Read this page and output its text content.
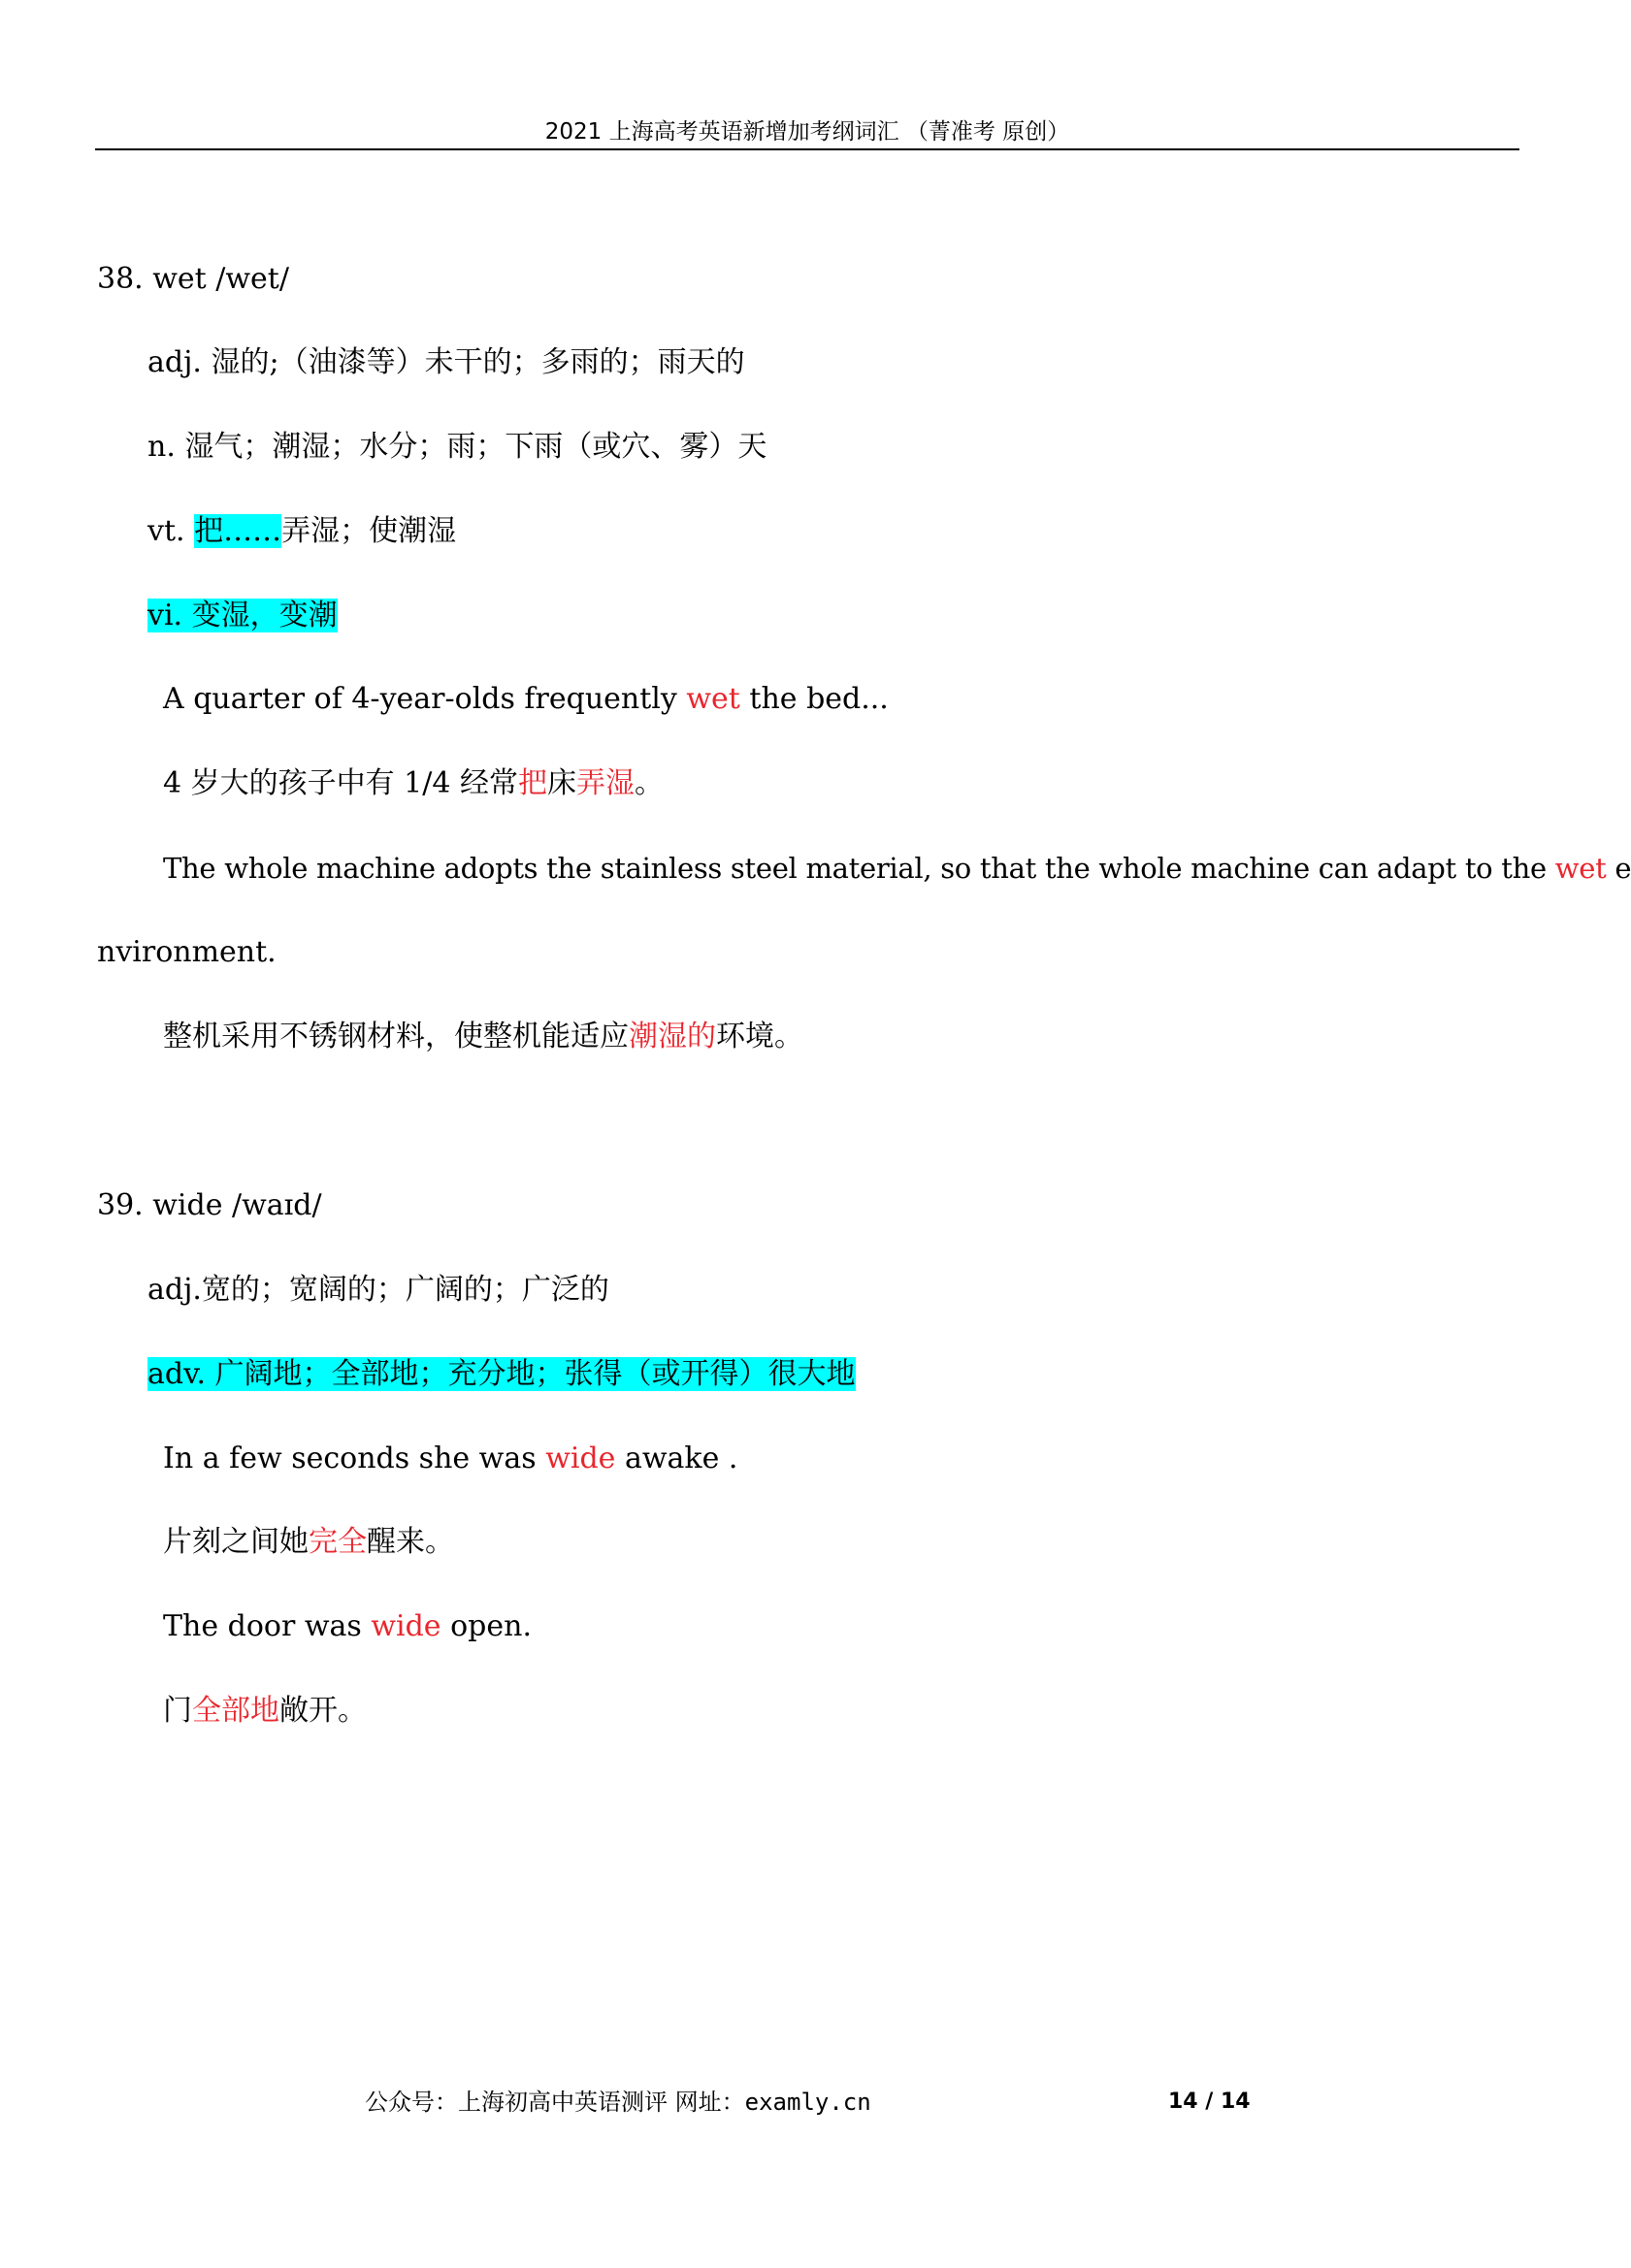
2021 上海高考英语新增加考纲词汇 （菁准考 原创）
38. wet /wet/
adj. 湿的;（油漆等）未干的；多雨的；雨天的
n. 湿气；潮湿；水分；雨；下雨（或穴、雾）天
vt. 把……弄湿；使潮湿
vi. 变湿，变潮
A quarter of 4-year-olds frequently wet the bed...
4 岁大的孩子中有 1/4 经常把床弄湿。
The whole machine adopts the stainless steel material, so that the whole machine can adapt to the wet e
nvironment.
整机采用不锈钢材料，使整机能适应潮湿的环境。
39. wide /waɪd/
adj.宽的；宽阔的；广阔的；广泛的
adv. 广阔地；全部地；充分地；张得（或开得）很大地
In a few seconds she was wide awake .
片刻之间她完全醒来。
The door was wide open.
门全部地敞开。
公众号：上海初高中英语测评 网址：examly.cn	14 / 14
